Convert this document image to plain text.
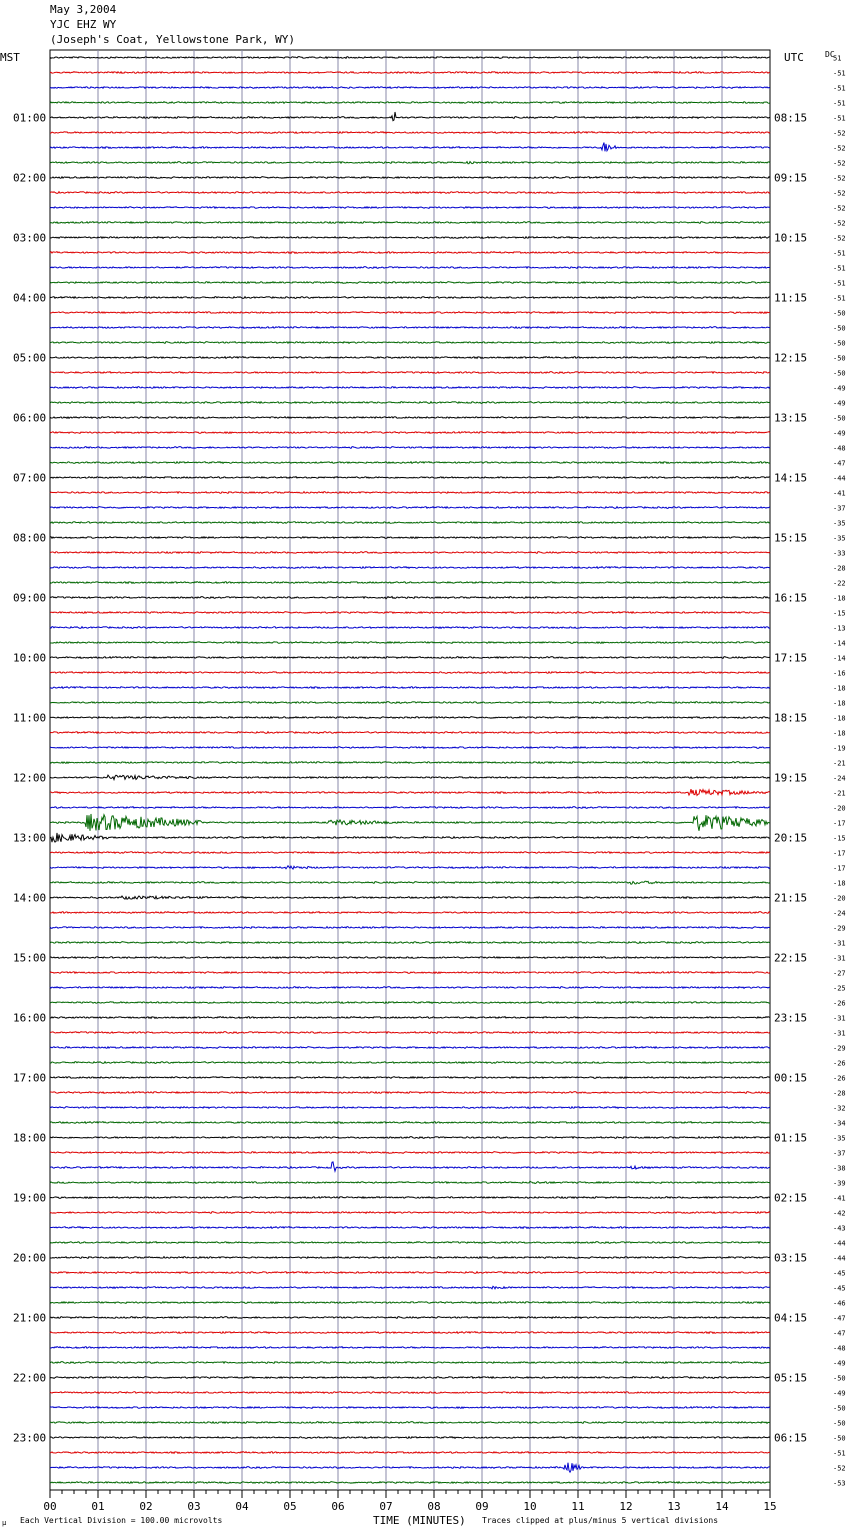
May 3,2004
YJC EHZ WY
(Joseph's Coat, Yellowstone Park, WY)
51
-51
-51
-51
-51
-52
-52
-52
-52
-52
-52
-52
-52
-51
-51
-51
-51
-50
-50
-50
-50
-50
-49
-49
-50
-49
-48
-47
-44
-41
-37
-35
-35
-33
-28
-22
-18
-15
-13
-14
-14
-16
-18
-18
-18
-18
-19
-21
-24
-21
-20
-17
-15
-17
-17
-18
-20
-24
-29
-31
-31
-27
-25
-26
-31
-31
-29
-26
-26
-28
-32
-34
-35
-37
-38
-39
-41
-42
-43
-44
-44
-45
-45
-46
-47
-47
-48
-49
-50
-49
-50
-50
-50
-51
-52
-53
01:00
02:00
03:00
04:00
05:00
06:00
07:00
08:00
09:00
10:00
11:00
12:00
13:00
14:00
15:00
16:00
17:00
18:00
19:00
20:00
21:00
22:00
23:00
08:15
09:15
10:15
11:15
12:15
13:15
14:15
15:15
16:15
17:15
18:15
19:15
20:15
21:15
22:15
23:15
00:15
01:15
02:15
03:15
04:15
05:15
06:15
00	01	02	03	04	05	06	07	08	09	10	11	12	13	14	15
MST	UTC	DC
μ Each Vertical Division = 100.00 microvolts	TIME (MINUTES) Traces clipped at plus/minus 5 vertical divisions
